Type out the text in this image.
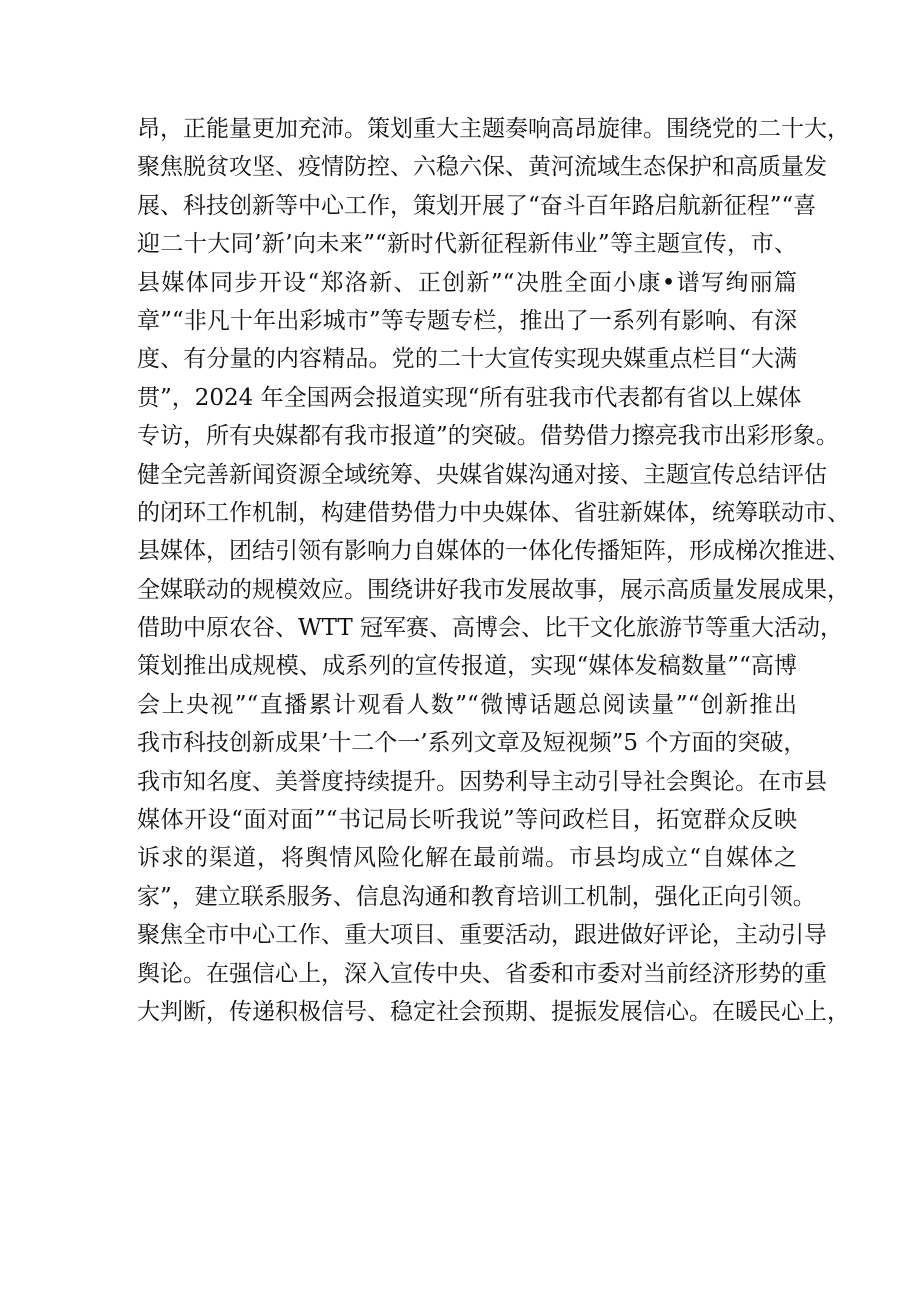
昂，正能量更加充沛。策划重大主题奏响高昂旋律。围绕党的二十大，
聚焦脱贫攻坚、疫情防控、六稳六保、黄河流域生态保护和高质量发
展、科技创新等中心工作，策划开展了“奋斗百年路启航新征程”“喜
迎二十大同’新’向未来”“新时代新征程新伟业”等主题宣传，市、
县媒体同步开设“郑洛新、正创新”“决胜全面小康•谱写绚丽篇
章”“非凡十年出彩城市”等专题专栏，推出了一系列有影响、有深
度、有分量的内容精品。党的二十大宣传实现央媒重点栏目“大满
贯”，2024 年全国两会报道实现“所有驻我市代表都有省以上媒体
专访，所有央媒都有我市报道”的突破。借势借力擦亮我市出彩形象。
健全完善新闻资源全域统筹、央媒省媒沟通对接、主题宣传总结评估
的闭环工作机制，构建借势借力中央媒体、省驻新媒体，统筹联动市、
县媒体，团结引领有影响力自媒体的一体化传播矩阵，形成梯次推进、
全媒联动的规模效应。围绕讲好我市发展故事，展示高质量发展成果，
借助中原农谷、WTT 冠军赛、高博会、比干文化旅游节等重大活动，
策划推出成规模、成系列的宣传报道，实现“媒体发稿数量”“高博
会上央视”“直播累计观看人数”“微博话题总阅读量”“创新推出
我市科技创新成果’十二个一’系列文章及短视频”5 个方面的突破，
我市知名度、美誉度持续提升。因势利导主动引导社会舆论。在市县
媒体开设“面对面”“书记局长听我说”等问政栏目，拓宽群众反映
诉求的渠道，将舆情风险化解在最前端。市县均成立“自媒体之
家”，建立联系服务、信息沟通和教育培训工机制，强化正向引领。
聚焦全市中心工作、重大项目、重要活动，跟进做好评论，主动引导
舆论。在强信心上，深入宣传中央、省委和市委对当前经济形势的重
大判断，传递积极信号、稳定社会预期、提振发展信心。在暖民心上，
